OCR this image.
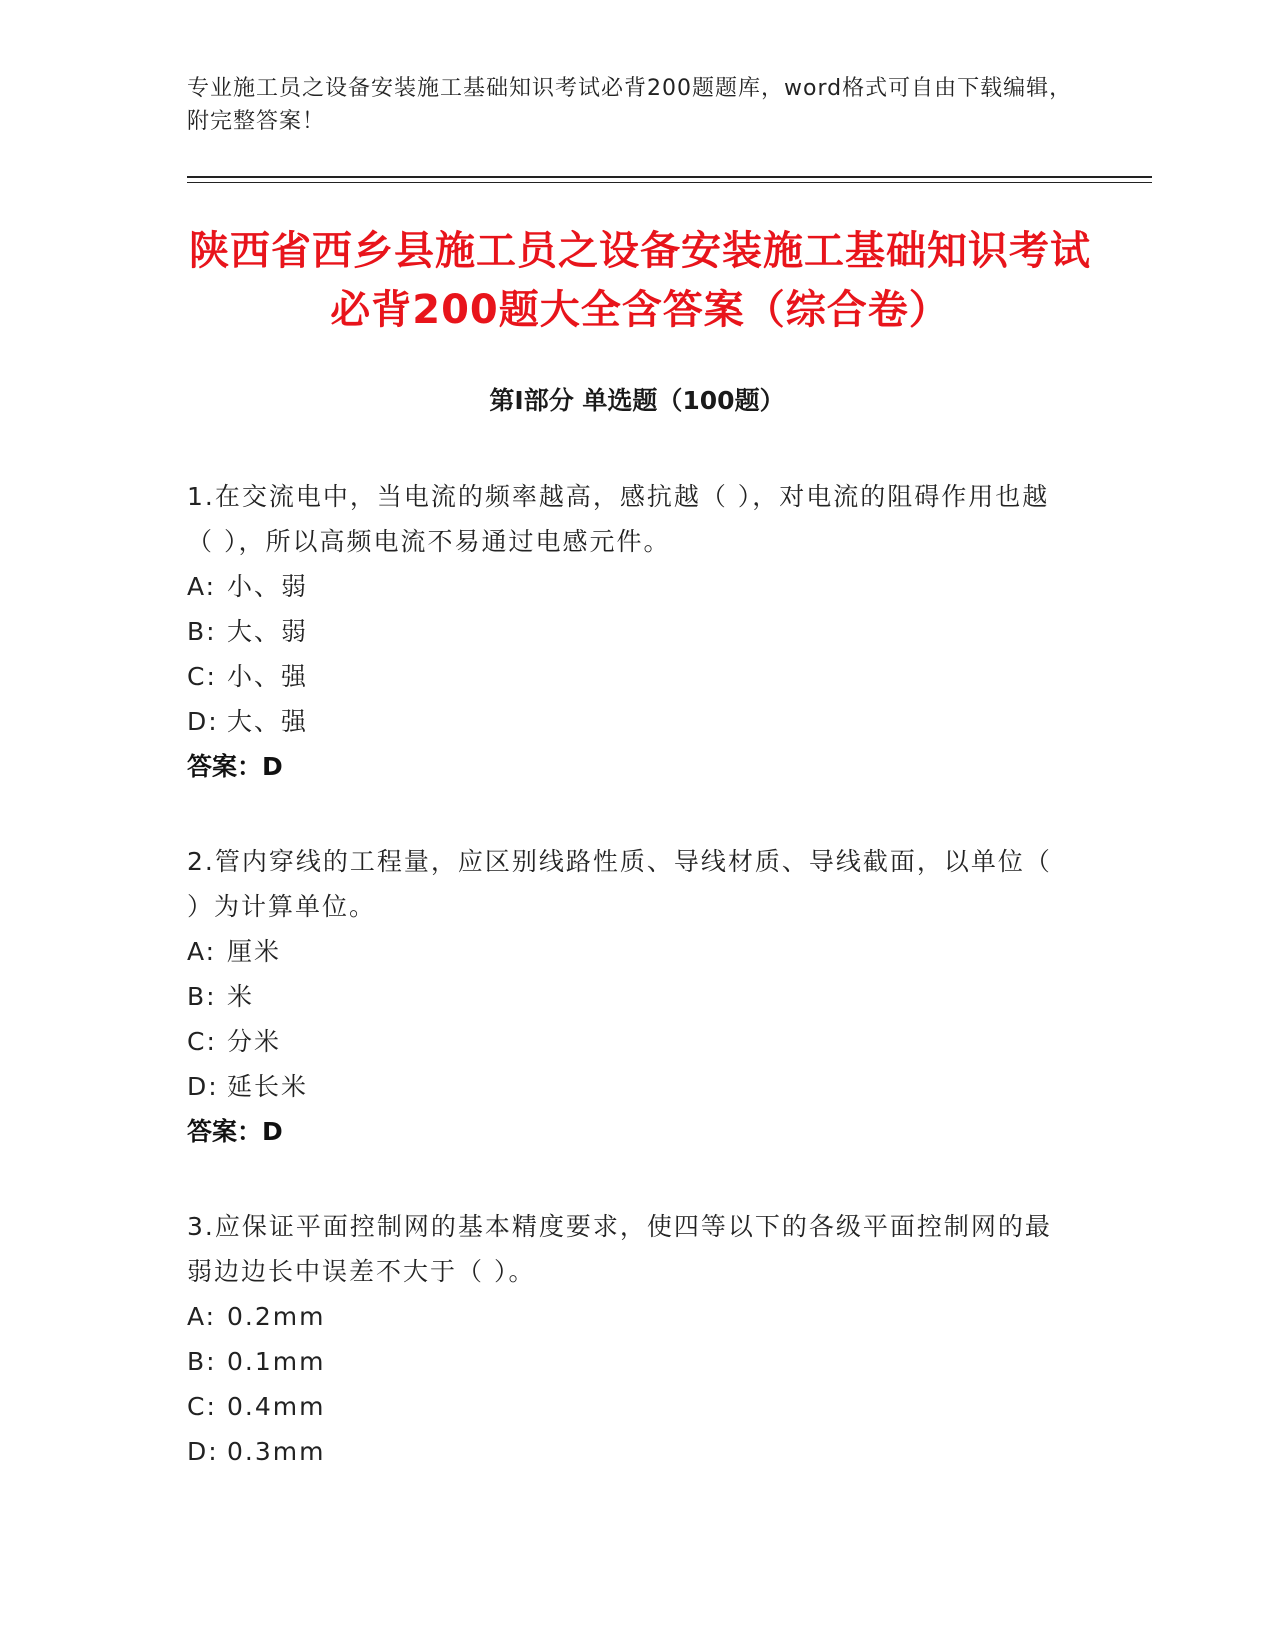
专业施工员之设备安装施工基础知识考试必背200题题库，word格式可自由下载编辑，附完整答案！
陕西省西乡县施工员之设备安装施工基础知识考试必背200题大全含答案（综合卷）
第I部分 单选题（100题）
1.在交流电中，当电流的频率越高，感抗越（ ），对电流的阻碍作用也越（ ），所以高频电流不易通过电感元件。
A: 小、弱
B: 大、弱
C: 小、强
D: 大、强
答案：D
2.管内穿线的工程量，应区别线路性质、导线材质、导线截面，以单位（ ）为计算单位。
A: 厘米
B: 米
C: 分米
D: 延长米
答案：D
3.应保证平面控制网的基本精度要求，使四等以下的各级平面控制网的最弱边边长中误差不大于（ ）。
A: 0.2mm
B: 0.1mm
C: 0.4mm
D: 0.3mm
